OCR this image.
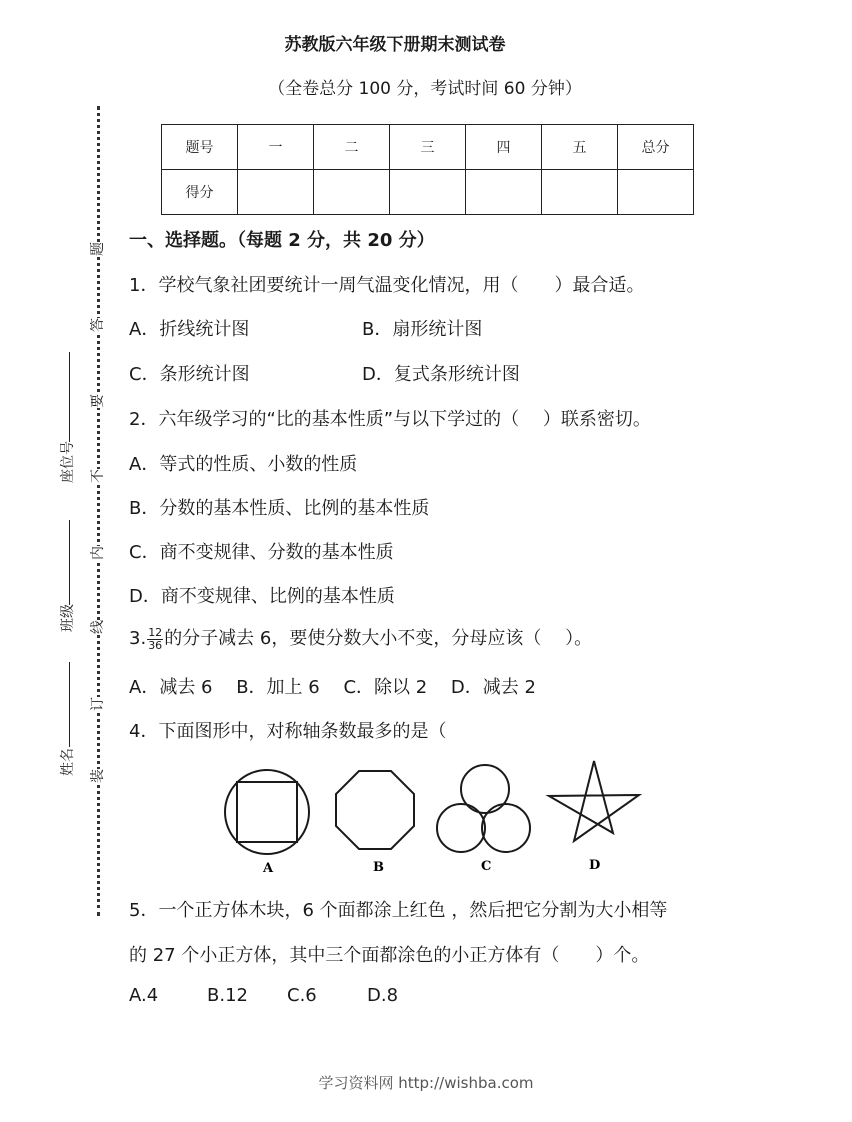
苏教版六年级下册期末测试卷
（全卷总分 100 分，考试时间 60 分钟）
题号	一	二	三	四	五	总分
得分						
题
答
要
不
内
线
订
装
座位号
班级
姓名
一、选择题。（每题 2 分，共 20 分）
1．学校气象社团要统计一周气温变化情况，用（　　）最合适。
A．折线统计图	B．扇形统计图
C．条形统计图	D．复式条形统计图
2．六年级学习的“比的基本性质”与以下学过的（　 ）联系密切。
A．等式的性质、小数的性质
B．分数的基本性质、比例的基本性质
C．商不变规律、分数的基本性质
D．商不变规律、比例的基本性质
3. $\frac{12}{36}$ 的分子减去 6，要使分数大小不变，分母应该（　 ）。
A．减去 6　 B．加上 6　 C．除以 2　 D．减去 2
4．下面图形中，对称轴条数最多的是（
A	B	C	D
5．一个正方体木块，6 个面都涂上红色 ，然后把它分割为大小相等
的 27 个小正方体，其中三个面都涂色的小正方体有（　　）个。
A.4	B.12 C.6	D.8
学习资料网 http://wishba.com
